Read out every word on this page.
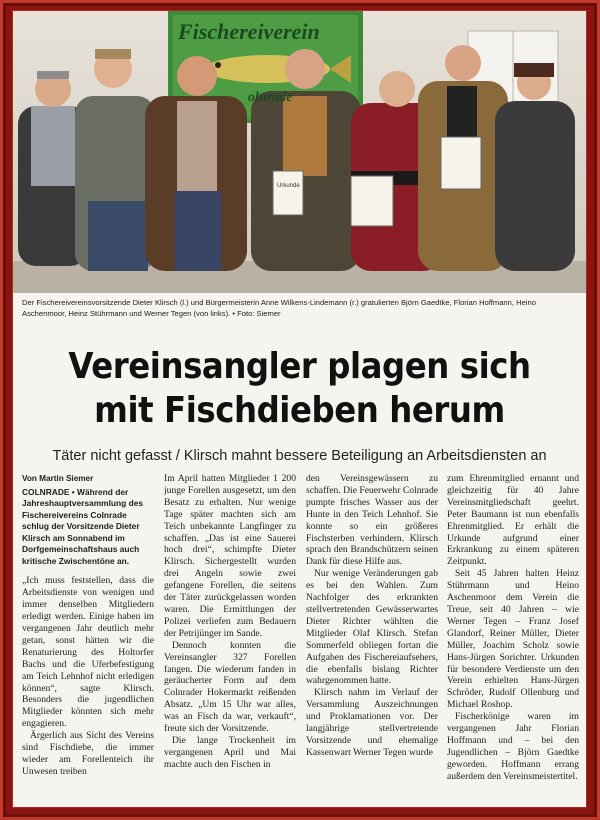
Urkunde
Fischereiverein
olnrade
Der Fischereivereinsvorsitzende Dieter Klirsch (l.) und Bürgermeisterin Anne Wilkens-Lindemann (r.) gratulierten Björn Gaedtke, Florian Hoffmann, Heino Aschenmoor, Heinz Stührmann und Werner Tegen (von links). • Foto: Siemer
Vereinsangler plagen sich
mit Fischdieben herum
Täter nicht gefasst / Klirsch mahnt bessere Beteiligung an Arbeitsdiensten an
Von Martin Siemer
COLNRADE • Während der Jahreshauptversammlung des Fischereivereins Colnrade schlug der Vorsitzende Dieter Klirsch am Sonnabend im Dorfgemeinschaftshaus auch kritische Zwischentöne an.

„Ich muss feststellen, dass die Arbeitsdienste von wenigen und immer denselben Mitgliedern erledigt werden. Einige haben im vergangenen Jahr deutlich mehr getan, sonst hätten wir die Renaturierung des Holtorfer Bachs und die Uferbefestigung am Teich Lehnhof nicht erledigen können“, sagte Klirsch. Besonders die jugendlichen Mitglieder könnten sich mehr engagieren.

Ärgerlich aus Sicht des Vereins sind Fischdiebe, die immer wieder am Forellenteich ihr Unwesen treiben

Im April hatten Mitglieder 1 200 junge Forellen ausgesetzt, um den Besatz zu erhalten. Nur wenige Tage später machten sich am Teich unbekannte Langfinger zu schaffen. „Das ist eine Sauerei hoch drei“, schimpfte Dieter Klirsch. Sichergestellt wurden drei Angeln sowie zwei gefangene Forellen, die seitens der Täter zurückgelassen worden waren. Die Ermittlungen der Polizei verliefen zum Bedauern der Petrijünger im Sande.

Dennoch konnten die Vereinsangler 327 Forellen fangen. Die wiederum fanden in geräucherter Form auf dem Colnrader Hokermarkt reißenden Absatz. „Um 15 Uhr war alles, was an Fisch da war, verkauft“, freute sich der Vorsitzende.

Die lange Trockenheit im vergangenen April und Mai machte auch den Fischen in

den Vereinsgewässern zu schaffen. Die Feuerwehr Colnrade pumpte frisches Wasser aus der Hunte in den Teich Lehnhof. Sie konnte so ein größeres Fischsterben verhindern. Klirsch sprach den Brandschützern seinen Dank für diese Hilfe aus.

Nur wenige Veränderungen gab es bei den Wahlen. Zum Nachfolger des erkrankten stellvertretenden Gewässerwartes Dieter Richter wählten die Mitglieder Olaf Klirsch. Stefan Sommerfeld obliegen fortan die Aufgaben des Fischereiaufsehers, die ebenfalls bislang Richter wahrgenommen hatte.

Klirsch nahm im Verlauf der Versammlung Auszeichnungen und Proklamationen vor. Der langjährige stellvertretende Vorsitzende und ehemalige Kassenwart Werner Tegen wurde

zum Ehrenmitglied ernannt und gleichzeitig für 40 Jahre Vereinsmitgliedschaft geehrt. Peter Baumann ist nun ebenfalls Ehrenmitglied. Er erhält die Urkunde aufgrund einer Erkrankung zu einem späteren Zeitpunkt.

Seit 45 Jahren halten Heinz Stührmann und Heino Aschenmoor dem Verein die Treue, seit 40 Jahren – wie Werner Tegen – Franz Josef Glandorf, Reiner Müller, Dieter Müller, Joachim Scholz sowie Hans-Jürgen Sorichter. Urkunden für besondere Verdienste um den Verein erhielten Hans-Jürgen Schröder, Rudolf Ollenburg und Michael Roshop.

Fischerkönige waren im vergangenen Jahr Florian Hoffmann und – bei den Jugendlichen – Björn Gaedtke geworden. Hoffmann errang außerdem den Vereinsmeistertitel.
